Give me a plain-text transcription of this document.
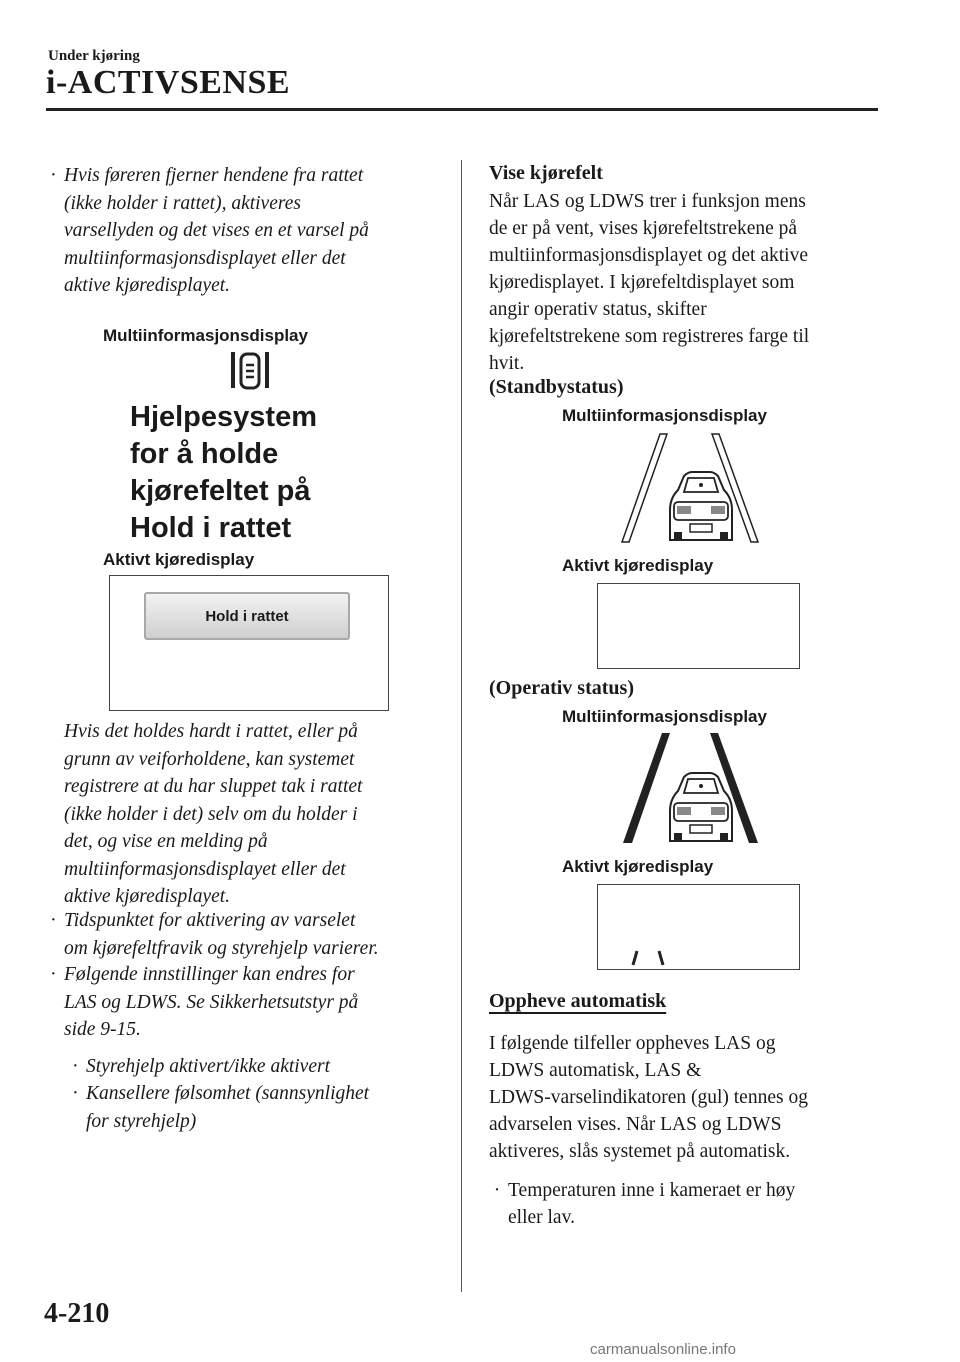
Under kjøring
i-ACTIVSENSE
· Hvis føreren fjerner hendene fra rattet
(ikke holder i rattet), aktiveres
varsellyden og det vises en et varsel på
multiinformasjonsdisplayet eller det
aktive kjøredisplayet.
Multiinformasjonsdisplay
Hjelpesystem
for å holde
kjørefeltet på
Hold i rattet
Aktivt kjøredisplay
Hold i rattet
Hvis det holdes hardt i rattet, eller på
grunn av veiforholdene, kan systemet
registrere at du har sluppet tak i rattet
(ikke holder i det) selv om du holder i
det, og vise en melding på
multiinformasjonsdisplayet eller det
aktive kjøredisplayet.
· Tidspunktet for aktivering av varselet
om kjørefeltfravik og styrehjelp varierer.
· Følgende innstillinger kan endres for
LAS og LDWS. Se Sikkerhetsutstyr på
side 9-15.
· Styrehjelp aktivert/ikke aktivert
· Kansellere følsomhet (sannsynlighet
for styrehjelp)
Vise kjørefelt
Når LAS og LDWS trer i funksjon mens
de er på vent, vises kjørefeltstrekene på
multiinformasjonsdisplayet og det aktive
kjøredisplayet. I kjørefeltdisplayet som
angir operativ status, skifter
kjørefeltstrekene som registreres farge til
hvit.
(Standbystatus)
Multiinformasjonsdisplay
Aktivt kjøredisplay
(Operativ status)
Multiinformasjonsdisplay
Aktivt kjøredisplay
Oppheve automatisk
I følgende tilfeller oppheves LAS og
LDWS automatisk, LAS &
LDWS-varselindikatoren (gul) tennes og
advarselen vises. Når LAS og LDWS
aktiveres, slås systemet på automatisk.
· Temperaturen inne i kameraet er høy
eller lav.
4-210
carmanualsonline.info
